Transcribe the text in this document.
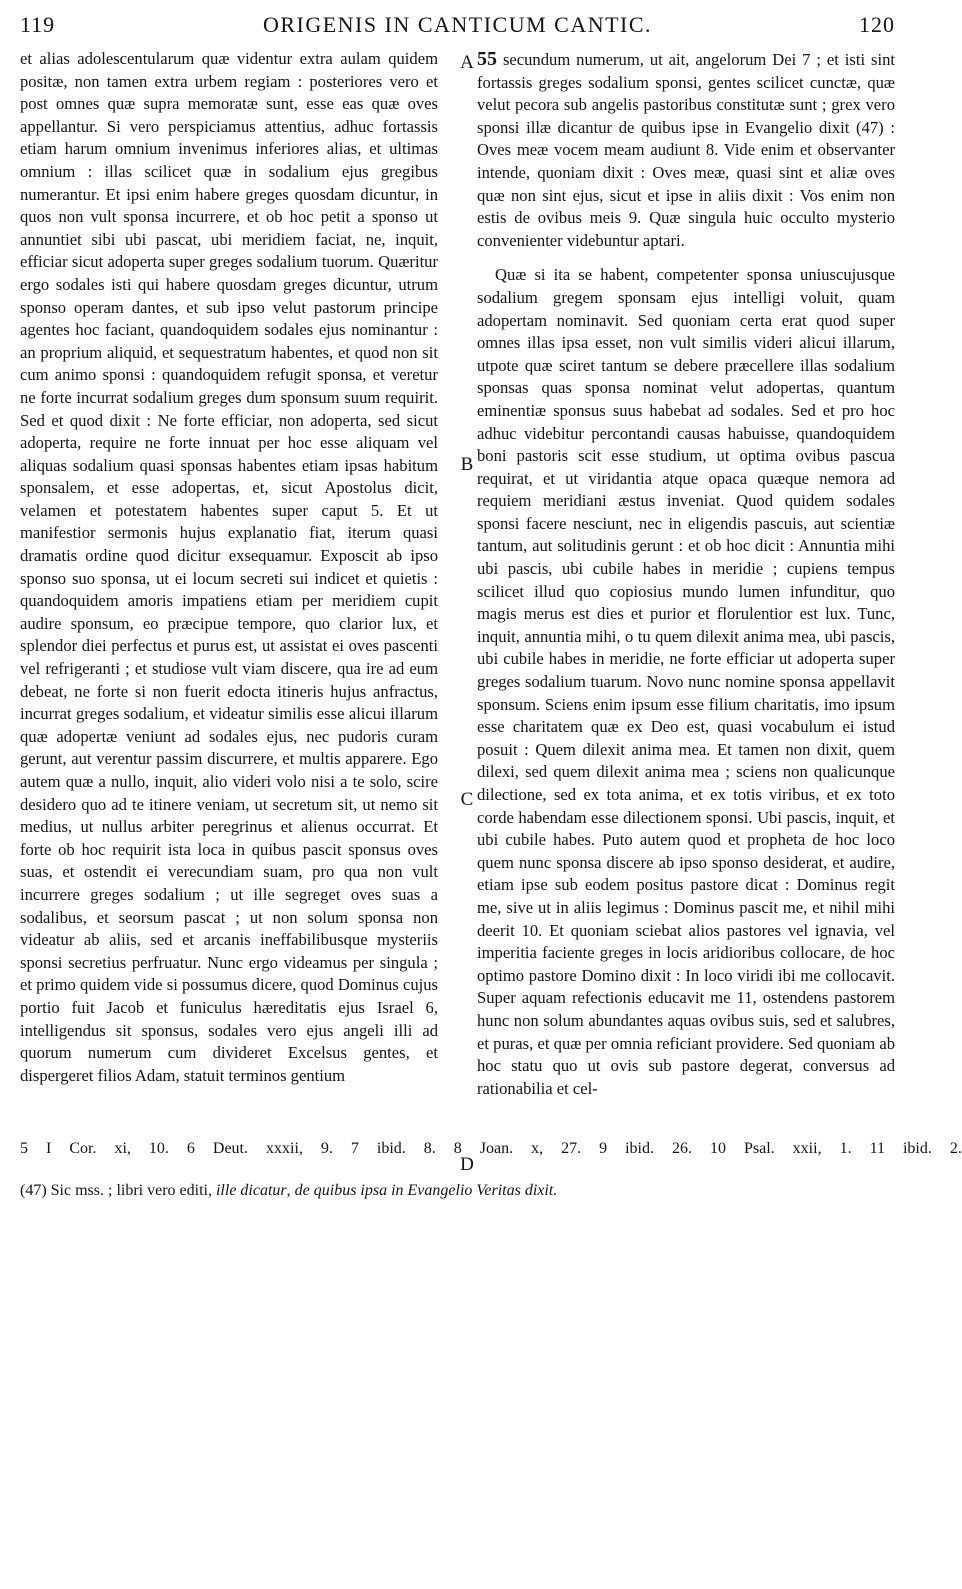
119	ORIGENIS IN CANTICUM CANTIC.	120

et alias adolescentularum quæ videntur extra aulam quidem positæ, non tamen extra urbem regiam : posteriores vero et post omnes quæ supra memoratæ sunt, esse eas quæ oves appellantur. Si vero perspiciamus attentius, adhuc fortassis etiam harum omnium invenimus inferiores alias, et ultimas omnium : illas scilicet quæ in sodalium ejus gregibus numerantur. Et ipsi enim habere greges quosdam dicuntur, in quos non vult sponsa incurrere, et ob hoc petit a sponso ut annuntiet sibi ubi pascat, ubi meridiem faciat, ne, inquit, efficiar sicut adoperta super greges sodalium tuorum. Quæritur ergo sodales isti qui habere quosdam greges dicuntur, utrum sponso operam dantes, et sub ipso velut pastorum principe agentes hoc faciant, quandoquidem sodales ejus nominantur : an proprium aliquid, et sequestratum habentes, et quod non sit cum animo sponsi : quandoquidem refugit sponsa, et veretur ne forte incurrat sodalium greges dum sponsum suum requirit. Sed et quod dixit : Ne forte efficiar, non adoperta, sed sicut adoperta, require ne forte innuat per hoc esse aliquam vel aliquas sodalium quasi sponsas habentes etiam ipsas habitum sponsalem, et esse adopertas, et, sicut Apostolus dicit, velamen et potestatem habentes super caput 5. Et ut manifestior sermonis hujus explanatio fiat, iterum quasi dramatis ordine quod dicitur exsequamur. Exposcit ab ipso sponso suo sponsa, ut ei locum secreti sui indicet et quietis : quandoquidem amoris impatiens etiam per meridiem cupit audire sponsum, eo præcipue tempore, quo clarior lux, et splendor diei perfectus et purus est, ut assistat ei oves pascenti vel refrigeranti ; et studiose vult viam discere, qua ire ad eum debeat, ne forte si non fuerit edocta itineris hujus anfractus, incurrat greges sodalium, et videatur similis esse alicui illarum quæ adopertæ veniunt ad sodales ejus, nec pudoris curam gerunt, aut verentur passim discurrere, et multis apparere. Ego autem quæ a nullo, inquit, alio videri volo nisi a te solo, scire desidero quo ad te itinere veniam, ut secretum sit, ut nemo sit medius, ut nullus arbiter peregrinus et alienus occurrat. Et forte ob hoc requirit ista loca in quibus pascit sponsus oves suas, et ostendit ei verecundiam suam, pro qua non vult incurrere greges sodalium ; ut ille segreget oves suas a sodalibus, et seorsum pascat ; ut non solum sponsa non videatur ab aliis, sed et arcanis ineffabilibusque mysteriis sponsi secretius perfruatur. Nunc ergo videamus per singula ; et primo quidem vide si possumus dicere, quod Dominus cujus portio fuit Jacob et funiculus hæreditatis ejus Israel 6, intelligendus sit sponsus, sodales vero ejus angeli illi ad quorum numerum cum divideret Excelsus gentes, et dispergeret filios Adam, statuit terminos gentium

A
B
C
D

55 secundum numerum, ut ait, angelorum Dei 7 ; et isti sint fortassis greges sodalium sponsi, gentes scilicet cunctæ, quæ velut pecora sub angelis pastoribus constitutæ sunt ; grex vero sponsi illæ dicantur de quibus ipse in Evangelio dixit (47) : Oves meæ vocem meam audiunt 8. Vide enim et observanter intende, quoniam dixit : Oves meæ, quasi sint et aliæ oves quæ non sint ejus, sicut et ipse in aliis dixit : Vos enim non estis de ovibus meis 9. Quæ singula huic occulto mysterio convenienter videbuntur aptari.

Quæ si ita se habent, competenter sponsa uniuscujusque sodalium gregem sponsam ejus intelligi voluit, quam adopertam nominavit. Sed quoniam certa erat quod super omnes illas ipsa esset, non vult similis videri alicui illarum, utpote quæ sciret tantum se debere præcellere illas sodalium sponsas quas sponsa nominat velut adopertas, quantum eminentiæ sponsus suus habebat ad sodales. Sed et pro hoc adhuc videbitur percontandi causas habuisse, quandoquidem boni pastoris scit esse studium, ut optima ovibus pascua requirat, et ut viridantia atque opaca quæque nemora ad requiem meridiani æstus inveniat. Quod quidem sodales sponsi facere nesciunt, nec in eligendis pascuis, aut scientiæ tantum, aut solitudinis gerunt : et ob hoc dicit : Annuntia mihi ubi pascis, ubi cubile habes in meridie ; cupiens tempus scilicet illud quo copiosius mundo lumen infunditur, quo magis merus est dies et purior et florulentior est lux. Tunc, inquit, annuntia mihi, o tu quem dilexit anima mea, ubi pascis, ubi cubile habes in meridie, ne forte efficiar ut adoperta super greges sodalium tuarum. Novo nunc nomine sponsa appellavit sponsum. Sciens enim ipsum esse filium charitatis, imo ipsum esse charitatem quæ ex Deo est, quasi vocabulum ei istud posuit : Quem dilexit anima mea. Et tamen non dixit, quem dilexi, sed quem dilexit anima mea ; sciens non qualicunque dilectione, sed ex tota anima, et ex totis viribus, et ex toto corde habendam esse dilectionem sponsi. Ubi pascis, inquit, et ubi cubile habes. Puto autem quod et propheta de hoc loco quem nunc sponsa discere ab ipso sponso desiderat, et audire, etiam ipse sub eodem positus pastore dicat : Dominus regit me, sive ut in aliis legimus : Dominus pascit me, et nihil mihi deerit 10. Et quoniam sciebat alios pastores vel ignavia, vel imperitia faciente greges in locis aridioribus collocare, de hoc optimo pastore Domino dixit : In loco viridi ibi me collocavit. Super aquam refectionis educavit me 11, ostendens pastorem hunc non solum abundantes aquas ovibus suis, sed et salubres, et puras, et quæ per omnia reficiant providere. Sed quoniam ab hoc statu quo ut ovis sub pastore degerat, conversus ad rationabilia et cel-

5 I Cor. xi, 10. 6 Deut. xxxii, 9. 7 ibid. 8. 8 Joan. x, 27. 9 ibid. 26. 10 Psal. xxii, 1. 11 ibid. 2.
(47) Sic mss. ; libri vero editi, ille dicatur, de quibus ipsa in Evangelio Veritas dixit.
